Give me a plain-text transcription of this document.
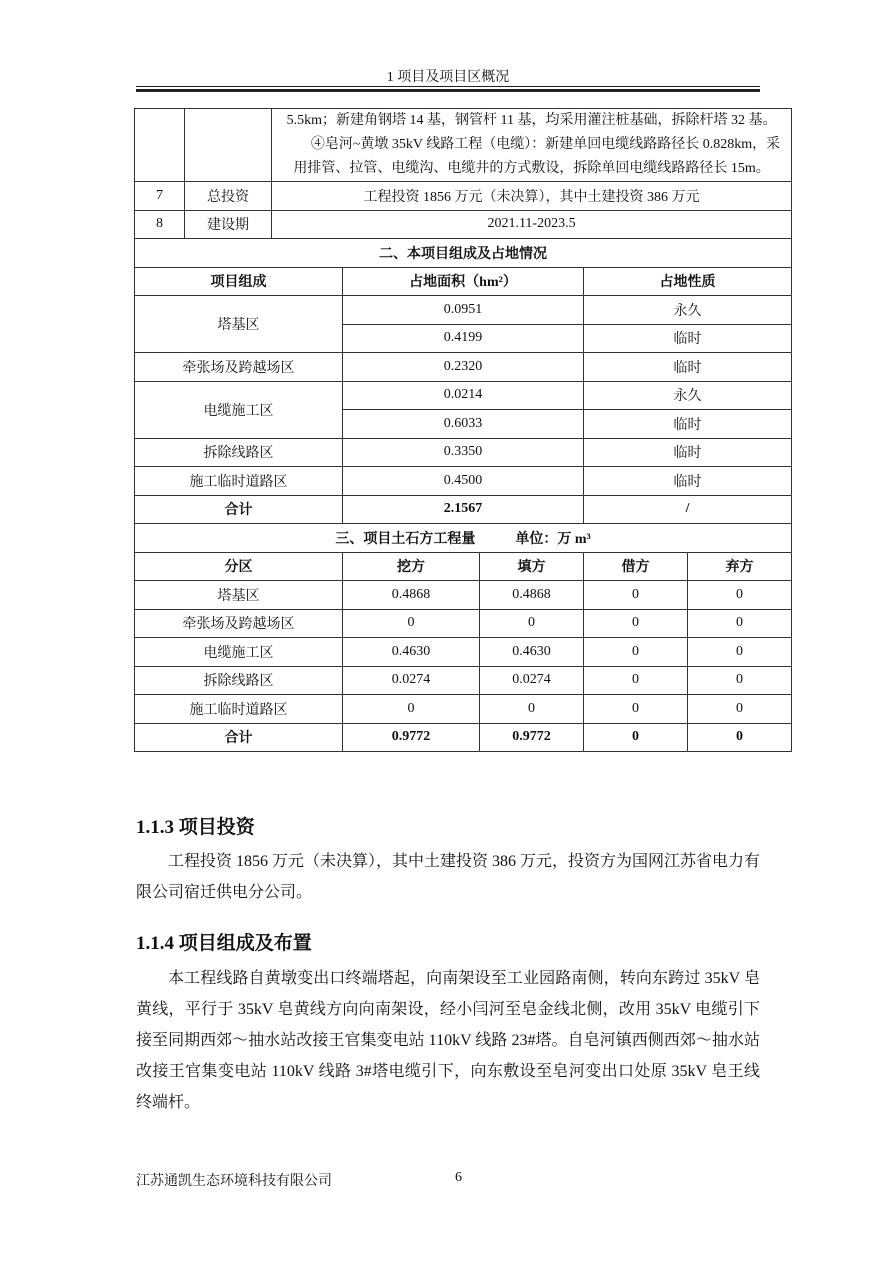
1 项目及项目区概况

		5.5km；新建角钢塔 14 基，钢管杆 11 基，均采用灌注桩基础，拆除杆塔 32 基。

④皂河~黄墩 35kV 线路工程（电缆）：新建单回电缆线路路径长 0.828km，采用排管、拉管、电缆沟、电缆井的方式敷设，拆除单回电缆线路路径长 15m。				

7	总投资	工程投资 1856 万元（未决算），其中土建投资 386 万元				
8	建设期	2021.11-2023.5				
二、本项目组成及占地情况						
项目组成			占地面积（hm²）		占地性质	
塔基区			0.0951		永久	
			0.4199		临时	
牵张场及跨越场区			0.2320		临时	
电缆施工区			0.0214		永久	
			0.6033		临时	
拆除线路区			0.3350		临时	
施工临时道路区			0.4500		临时	
合计			2.1567		/	
三、项目土石方工程量 单位：万 m³						
分区			挖方	填方	借方	弃方
塔基区			0.4868	0.4868	0	0
牵张场及跨越场区			0	0	0	0
电缆施工区			0.4630	0.4630	0	0
拆除线路区			0.0274	0.0274	0	0
施工临时道路区			0	0	0	0
合计			0.9772	0.9772	0	0
1.1.3 项目投资

工程投资 1856 万元（未决算），其中土建投资 386 万元，投资方为国网江苏省电力有限公司宿迁供电分公司。

1.1.4 项目组成及布置

本工程线路自黄墩变出口终端塔起，向南架设至工业园路南侧，转向东跨过 35kV 皂黄线，平行于 35kV 皂黄线方向向南架设，经小闫河至皂金线北侧，改用 35kV 电缆引下接至同期西郊～抽水站改接王官集变电站 110kV 线路 23#塔。自皂河镇西侧西郊～抽水站改接王官集变电站 110kV 线路 3#塔电缆引下，向东敷设至皂河变出口处原 35kV 皂王线终端杆。

江苏通凯生态环境科技有限公司	6
